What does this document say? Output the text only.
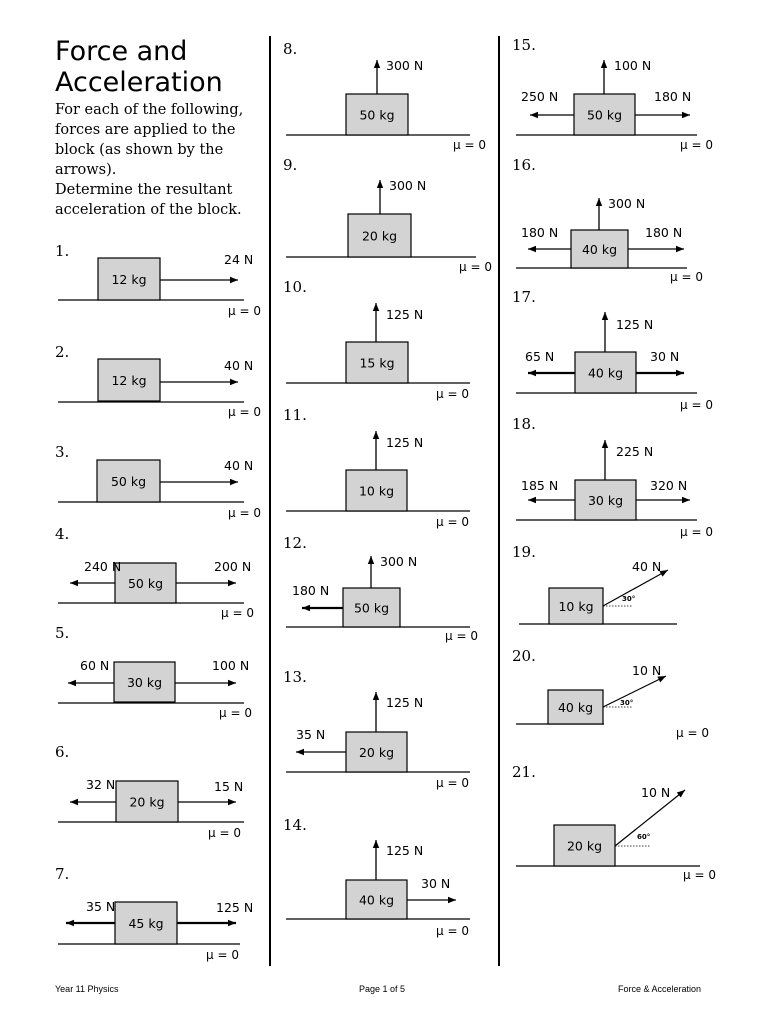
Force and
Acceleration

For each of the following, forces are applied to the block (as shown by the arrows).

Determine the resultant acceleration of the block.

1.
12 kg
24 N
μ = 0
2.
12 kg
40 N
μ = 0
3.
50 kg
40 N
μ = 0
4.
50 kg
240 N	200 N
μ = 0
5.
30 kg
60 N	100 N
μ = 0
6.
20 kg
32 N	15 N
μ = 0
7.
45 kg
35 N	125 N
μ = 0
8.
50 kg
300 N
μ = 0
9.
20 kg
300 N
μ = 0
10.
15 kg
125 N
μ = 0
11.
10 kg
125 N
μ = 0
12.
50 kg
300 N
180 N
μ = 0
13.
20 kg
125 N
35 N
μ = 0
14.
40 kg
125 N
30 N
μ = 0
15.
50 kg
100 N
250 N	180 N
μ = 0
16.
40 kg
300 N
180 N	180 N
μ = 0
17.
40 kg
125 N
65 N	30 N
μ = 0
18.
30 kg
225 N
185 N	320 N
μ = 0
19.
10 kg
40 N
30°
20.
40 kg
10 N
30°
μ = 0
21.
20 kg
10 N
60°
μ = 0
Year 11 Physics	Page 1 of 5	Force & Acceleration
